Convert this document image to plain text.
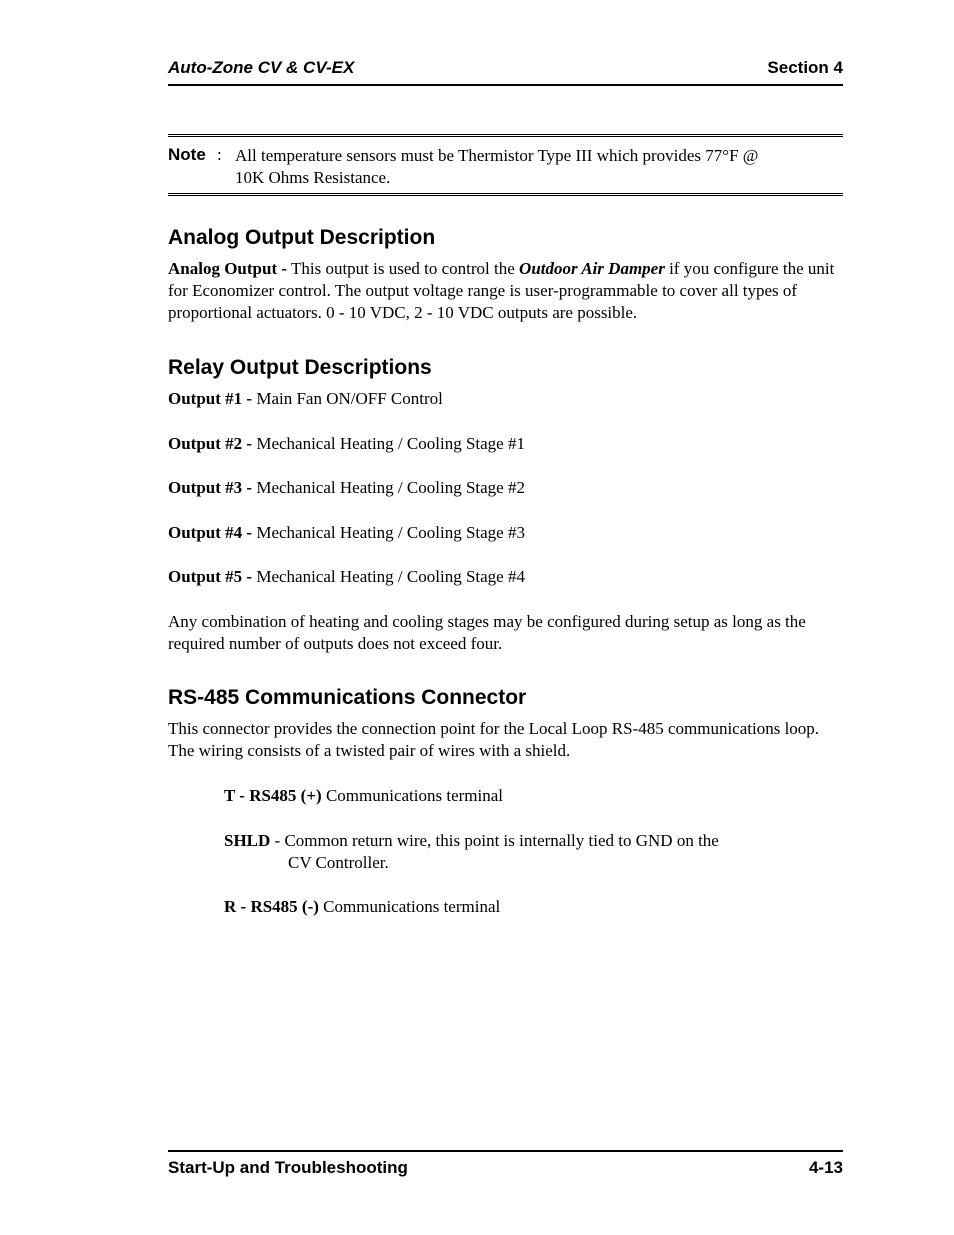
Auto-Zone CV & CV-EX	Section 4
Note : All temperature sensors must be Thermistor Type III which provides 77°F @
10K Ohms Resistance.
Analog Output Description

Analog Output - This output is used to control the Outdoor Air Damper if you configure the unit for Economizer control. The output voltage range is user-programmable to cover all types of proportional actuators. 0 - 10 VDC, 2 - 10 VDC outputs are possible.

Relay Output Descriptions

Output #1 - Main Fan ON/OFF Control

Output #2 - Mechanical Heating / Cooling Stage #1

Output #3 - Mechanical Heating / Cooling Stage #2

Output #4 - Mechanical Heating / Cooling Stage #3

Output #5 - Mechanical Heating / Cooling Stage #4

Any combination of heating and cooling stages may be configured during setup as long as the required number of outputs does not exceed four.

RS-485 Communications Connector

This connector provides the connection point for the Local Loop RS-485 communications loop. The wiring consists of a twisted pair of wires with a shield.

T - RS485 (+) Communications terminal

SHLD - Common return wire, this point is internally tied to GND on the
CV Controller.

R - RS485 (-) Communications terminal

Start-Up and Troubleshooting	4-13
